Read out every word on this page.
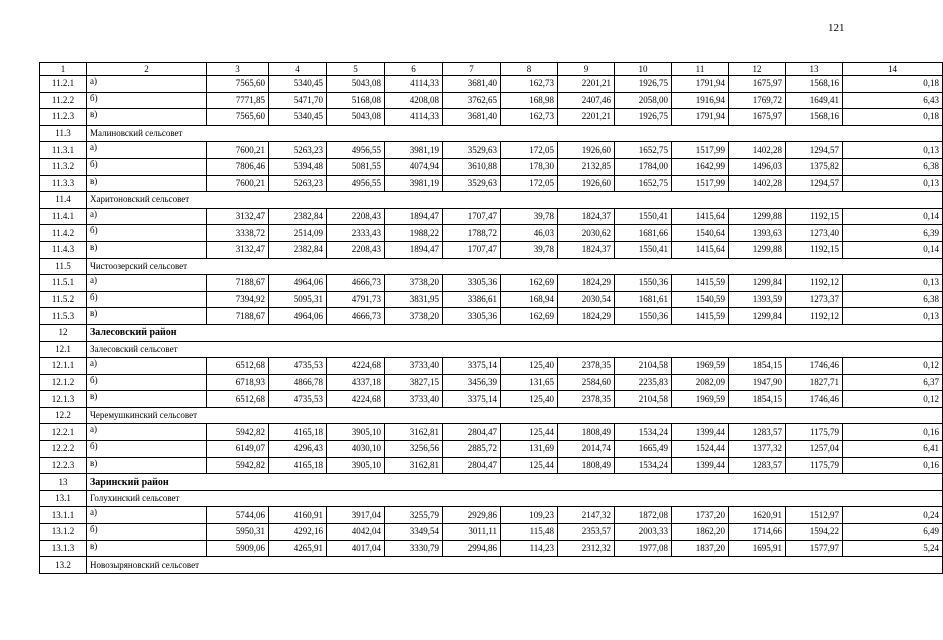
121
1	2	3	4	5	6	7	8	9	10	11	12	13	14
11.2.1	а)	7565,60	5340,45	5043,08	4114,33	3681,40	162,73	2201,21	1926,75	1791,94	1675,97	1568,16	0,18
11.2.2	б)	7771,85	5471,70	5168,08	4208,08	3762,65	168,98	2407,46	2058,00	1916,94	1769,72	1649,41	6,43
11.2.3	в)	7565,60	5340,45	5043,08	4114,33	3681,40	162,73	2201,21	1926,75	1791,94	1675,97	1568,16	0,18
11.3	Малиновский сельсовет												
11.3.1	а)	7600,21	5263,23	4956,55	3981,19	3529,63	172,05	1926,60	1652,75	1517,99	1402,28	1294,57	0,13
11.3.2	б)	7806,46	5394,48	5081,55	4074,94	3610,88	178,30	2132,85	1784,00	1642,99	1496,03	1375,82	6,38
11.3.3	в)	7600,21	5263,23	4956,55	3981,19	3529,63	172,05	1926,60	1652,75	1517,99	1402,28	1294,57	0,13
11.4	Харитоновский сельсовет												
11.4.1	а)	3132,47	2382,84	2208,43	1894,47	1707,47	39,78	1824,37	1550,41	1415,64	1299,88	1192,15	0,14
11.4.2	б)	3338,72	2514,09	2333,43	1988,22	1788,72	46,03	2030,62	1681,66	1540,64	1393,63	1273,40	6,39
11.4.3	в)	3132,47	2382,84	2208,43	1894,47	1707,47	39,78	1824,37	1550,41	1415,64	1299,88	1192,15	0,14
11.5	Чистоозерский сельсовет												
11.5.1	а)	7188,67	4964,06	4666,73	3738,20	3305,36	162,69	1824,29	1550,36	1415,59	1299,84	1192,12	0,13
11.5.2	б)	7394,92	5095,31	4791,73	3831,95	3386,61	168,94	2030,54	1681,61	1540,59	1393,59	1273,37	6,38
11.5.3	в)	7188,67	4964,06	4666,73	3738,20	3305,36	162,69	1824,29	1550,36	1415,59	1299,84	1192,12	0,13
12	Залесовский район												
12.1	Залесовский сельсовет												
12.1.1	а)	6512,68	4735,53	4224,68	3733,40	3375,14	125,40	2378,35	2104,58	1969,59	1854,15	1746,46	0,12
12.1.2	б)	6718,93	4866,78	4337,18	3827,15	3456,39	131,65	2584,60	2235,83	2082,09	1947,90	1827,71	6,37
12.1.3	в)	6512,68	4735,53	4224,68	3733,40	3375,14	125,40	2378,35	2104,58	1969,59	1854,15	1746,46	0,12
12.2	Черемушкинский сельсовет												
12.2.1	а)	5942,82	4165,18	3905,10	3162,81	2804,47	125,44	1808,49	1534,24	1399,44	1283,57	1175,79	0,16
12.2.2	б)	6149,07	4296,43	4030,10	3256,56	2885,72	131,69	2014,74	1665,49	1524,44	1377,32	1257,04	6,41
12.2.3	в)	5942,82	4165,18	3905,10	3162,81	2804,47	125,44	1808,49	1534,24	1399,44	1283,57	1175,79	0,16
13	Заринский район												
13.1	Голухинский сельсовет												
13.1.1	а)	5744,06	4160,91	3917,04	3255,79	2929,86	109,23	2147,32	1872,08	1737,20	1620,91	1512,97	0,24
13.1.2	б)	5950,31	4292,16	4042,04	3349,54	3011,11	115,48	2353,57	2003,33	1862,20	1714,66	1594,22	6,49
13.1.3	в)	5909,06	4265,91	4017,04	3330,79	2994,86	114,23	2312,32	1977,08	1837,20	1695,91	1577,97	5,24
13.2	Новозыряновский сельсовет												
